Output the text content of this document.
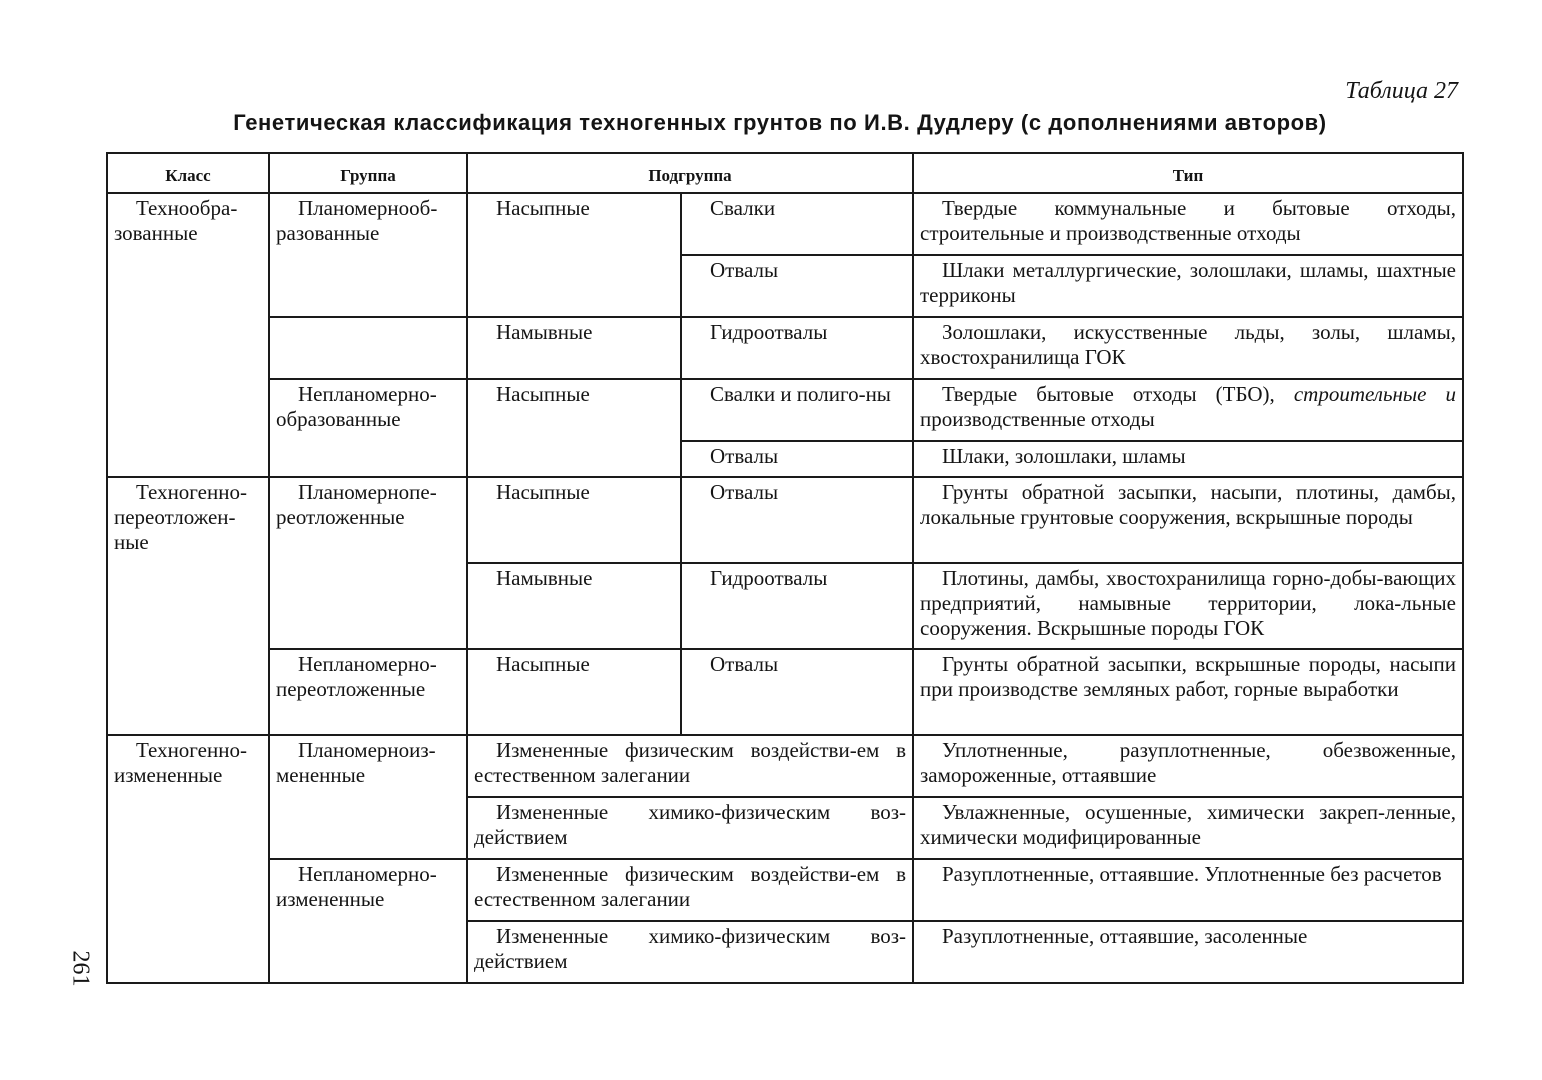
Таблица 27
Генетическая классификация техногенных грунтов по И.В. Дудлеру (с дополнениями авторов)
261
Класс	Группа	Подгруппа		Тип
Технообра-зованные	Планомерноoб-разованные	Насыпные	Свалки	Твердые коммунальные и бытовые отходы, строительные и производственные отходы
			Отвалы	Шлаки металлургические, золошлаки, шламы, шахтные терриконы
		Намывные	Гидроотвалы	Золошлаки, искусственные льды, золы, шламы, хвостохранилища ГОК
	Непланомерно-образованные	Насыпные	Свалки и полиго-ны	Твердые бытовые отходы (ТБО), строительные и производственные отходы
			Отвалы	Шлаки, золошлаки, шламы
Техногенно-переотложен-ные	Планомернопе-реотложенные	Насыпные	Отвалы	Грунты обратной засыпки, насыпи, плотины, дамбы, локальные грунтовые сооружения, вскрышные породы
		Намывные	Гидроотвалы	Плотины, дамбы, хвостохранилища горно-добы-вающих предприятий, намывные территории, лока-льные сооружения. Вскрышные породы ГОК
	Непланомерно-переотложенные	Насыпные	Отвалы	Грунты обратной засыпки, вскрышные породы, насыпи при производстве земляных работ, горные выработки
Техногенно-измененные	Планомерноиз-мененные	Измененные физическим воздействи-ем в естественном залегании		Уплотненные, разуплотненные, обезвоженные, замороженные, оттаявшие
		Измененные химико-физическим воз-действием		Увлажненные, осушенные, химически закреп-ленные, химически модифицированные
	Непланомерно-измененные	Измененные физическим воздействи-ем в естественном залегании		Разуплотненные, оттаявшие. Уплотненные без расчетов
		Измененные химико-физическим воз-действием		Разуплотненные, оттаявшие, засоленные
